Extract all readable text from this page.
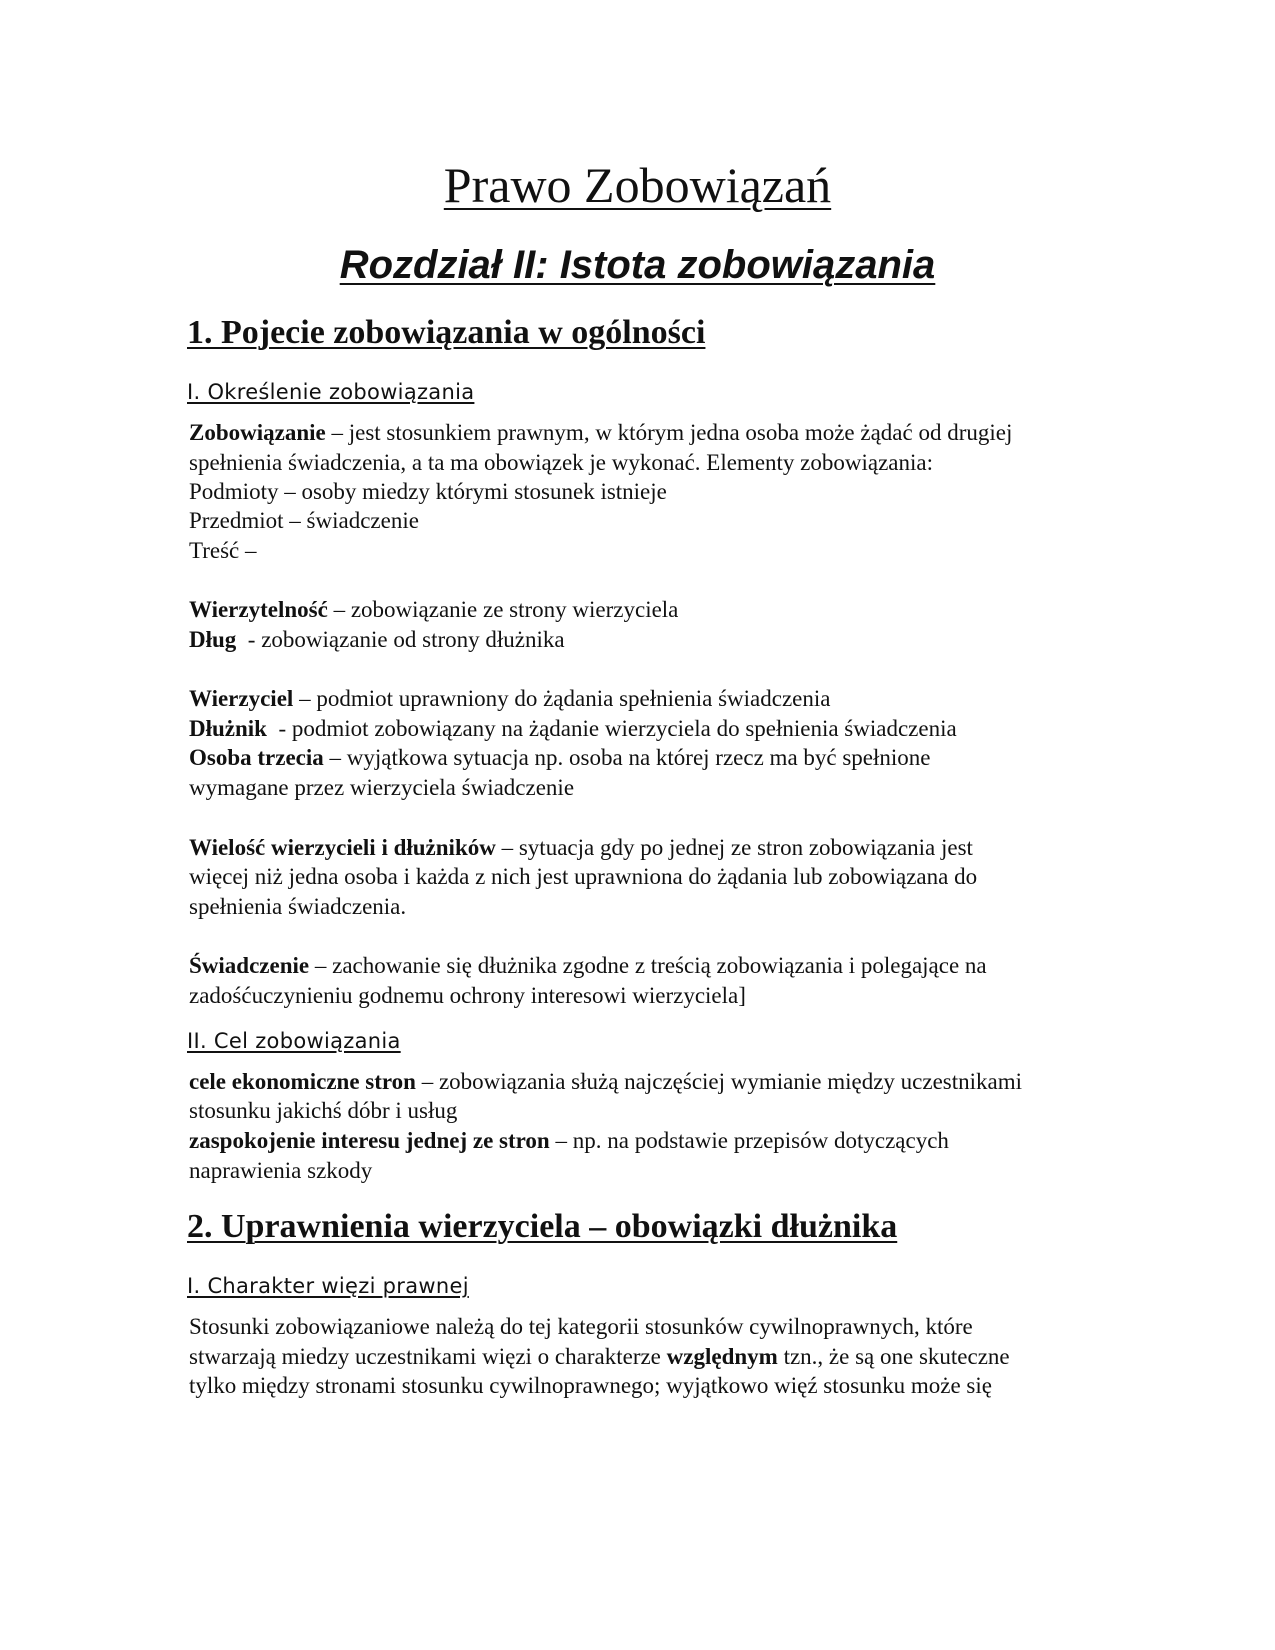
Prawo Zobowiązań
Rozdział II: Istota zobowiązania
1. Pojecie zobowiązania w ogólności
I. Określenie zobowiązania
Zobowiązanie – jest stosunkiem prawnym, w którym jedna osoba może żądać od drugiej
spełnienia świadczenia, a ta ma obowiązek je wykonać. Elementy zobowiązania:
Podmioty – osoby miedzy którymi stosunek istnieje
Przedmiot – świadczenie
Treść –
Wierzytelność – zobowiązanie ze strony wierzyciela
Dług  - zobowiązanie od strony dłużnika
Wierzyciel – podmiot uprawniony do żądania spełnienia świadczenia
Dłużnik  - podmiot zobowiązany na żądanie wierzyciela do spełnienia świadczenia
Osoba trzecia – wyjątkowa sytuacja np. osoba na której rzecz ma być spełnione
wymagane przez wierzyciela świadczenie
Wielość wierzycieli i dłużników – sytuacja gdy po jednej ze stron zobowiązania jest
więcej niż jedna osoba i każda z nich jest uprawniona do żądania lub zobowiązana do
spełnienia świadczenia.
Świadczenie – zachowanie się dłużnika zgodne z treścią zobowiązania i polegające na
zadośćuczynieniu godnemu ochrony interesowi wierzyciela]
II. Cel zobowiązania
cele ekonomiczne stron – zobowiązania służą najczęściej wymianie między uczestnikami
stosunku jakichś dóbr i usług
zaspokojenie interesu jednej ze stron – np. na podstawie przepisów dotyczących
naprawienia szkody
2. Uprawnienia wierzyciela – obowiązki dłużnika
I. Charakter więzi prawnej
Stosunki zobowiązaniowe należą do tej kategorii stosunków cywilnoprawnych, które
stwarzają miedzy uczestnikami więzi o charakterze względnym tzn., że są one skuteczne
tylko między stronami stosunku cywilnoprawnego; wyjątkowo więź stosunku może się
